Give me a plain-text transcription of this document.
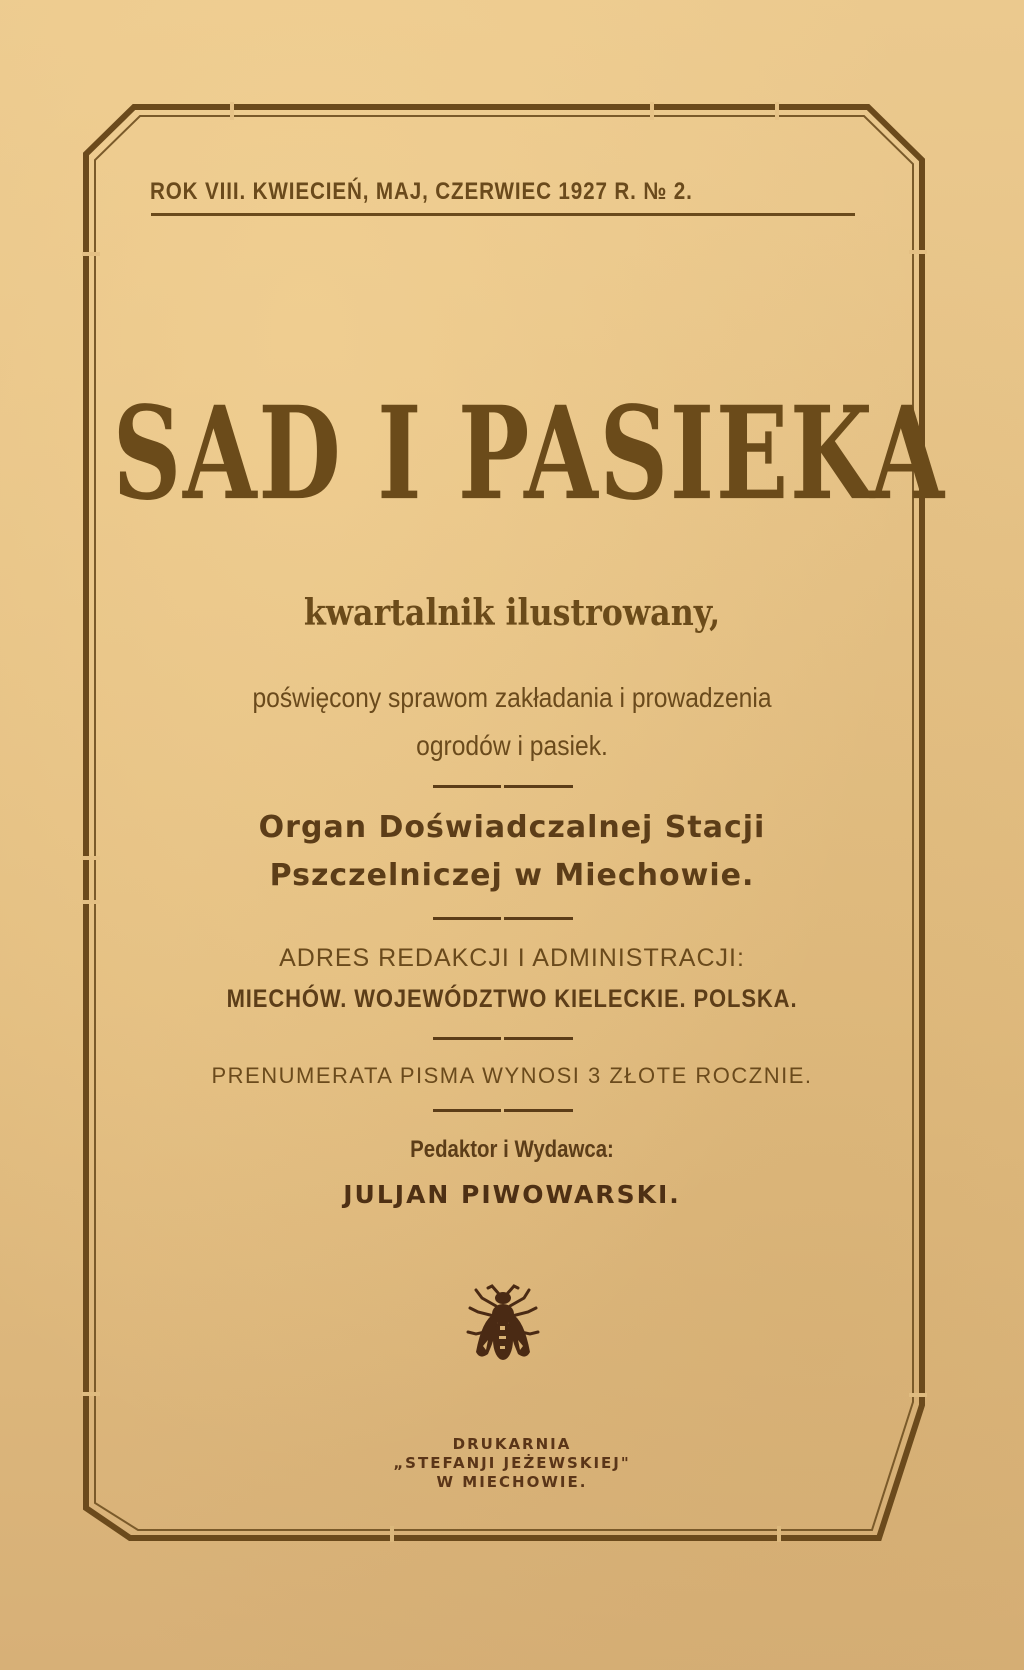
ROK VIII. KWIECIEŃ, MAJ, CZERWIEC 1927 R. № 2.
SAD I PASIEKA
kwartalnik ilustrowany,
poświęcony sprawom zakładania i prowadzenia
ogrodów i pasiek.
Organ Doświadczalnej Stacji
Pszczelniczej w Miechowie.
ADRES REDAKCJI I ADMINISTRACJI:
MIECHÓW. WOJEWÓDZTWO KIELECKIE. POLSKA.
PRENUMERATA PISMA WYNOSI 3 ZŁOTE ROCZNIE.
Pedaktor i Wydawca:
JULJAN PIWOWARSKI.
DRUKARNIA
„STEFANJI JEŻEWSKIEJ"
W MIECHOWIE.
